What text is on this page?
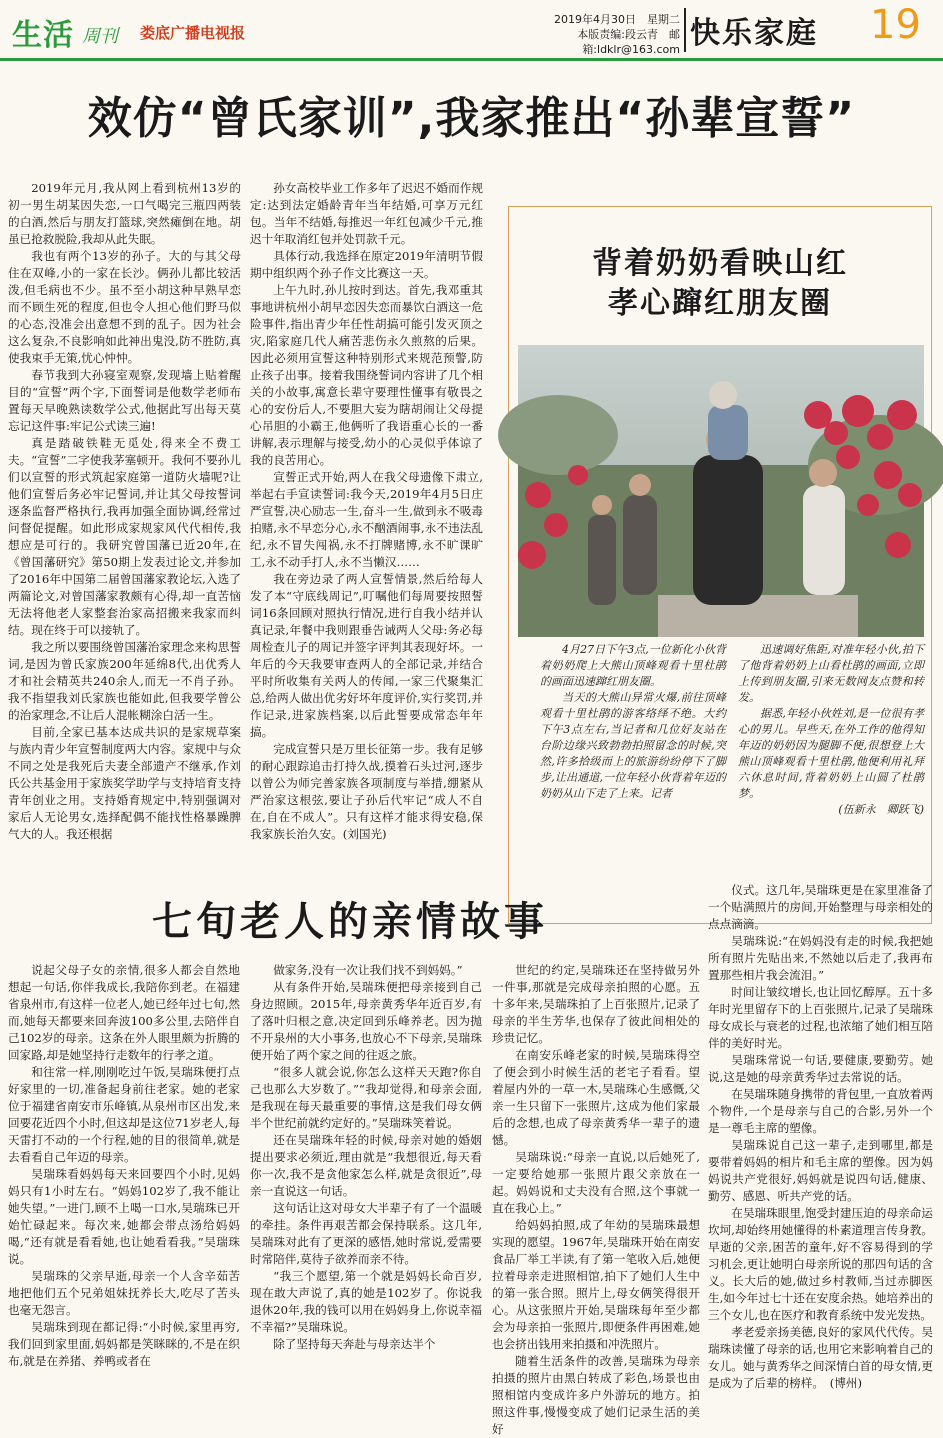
生活 周刊 娄底广播电视报
2019年4月30日　星期二
本版责编:段云青　邮箱:ldklr@163.com 快乐家庭 19
效仿“曾氏家训”,我家推出“孙辈宣誓”

2019年元月,我从网上看到杭州13岁的初一男生胡某因失恋,一口气喝完三瓶四两装的白酒,然后与朋友打篮球,突然瘫倒在地。胡虽已抢救脱险,我却从此失眠。

我也有两个13岁的孙子。大的与其父母住在双峰,小的一家在长沙。俩孙儿都比较活泼,但毛病也不少。虽不至小胡这种早熟早恋而不顾生死的程度,但也令人担心他们野马似的心态,没准会出意想不到的乱子。因为社会这么复杂,不良影响如此神出鬼没,防不胜防,真使我束手无策,忧心忡忡。

春节我到大孙寝室观察,发现墙上贴着醒目的“宣誓”两个字,下面誓词是他数学老师布置每天早晚熟读数学公式,他据此写出每天莫忘记这件事:牢记公式读三遍!

真是踏破铁鞋无觅处,得来全不费工夫。“宣誓”二字使我茅塞顿开。我何不要孙儿们以宣誓的形式筑起家庭第一道防火墙呢?让他们宣誓后务必牢记誓词,并让其父母按誓词逐条监督严格执行,我再加强全面协调,经常过问督促提醒。如此形成家规家风代代相传,我想应是可行的。我研究曾国藩已近20年,在《曾国藩研究》第50期上发表过论文,并参加了2016年中国第二届曾国藩家教论坛,入选了两篇论文,对曾国藩家教颇有心得,却一直苦恼无法将他老人家整套治家高招搬来我家而纠结。现在终于可以接轨了。

我之所以要围绕曾国藩治家理念来构思誓词,是因为曾氏家族200年延绵8代,出优秀人才和社会精英共240余人,而无一不肖子孙。我不指望我刘氏家族也能如此,但我要学曾公的治家理念,不让后人混帐糊涂白活一生。

目前,全家已基本达成共识的是家规草案与族内青少年宣誓制度两大内容。家规中与众不同之处是我死后夫妻全部遗产不继承,作刘氏公共基金用于家族奖学助学与支持培育支持青年创业之用。支持婚育规定中,特别强调对家后人无论男女,选择配偶不能找性格暴躁脾气大的人。我还根据

孙女高校毕业工作多年了迟迟不婚而作规定:达到法定婚龄青年当年结婚,可享万元红包。当年不结婚,每推迟一年红包减少千元,推迟十年取消红包并处罚款千元。

具体行动,我选择在原定2019年清明节假期中组织两个孙子作文比赛这一天。

上午九时,孙儿按时到达。首先,我邓重其事地讲杭州小胡早恋因失恋而暴饮白酒这一危险事件,指出青少年任性胡搞可能引发灭顶之灾,陷家庭几代人痛苦悲伤永久煎熬的后果。因此必须用宣誓这种特别形式来规范预警,防止孩子出事。接着我围绕誓词内容讲了几个相关的小故事,寓意长辈守要理性懂事有敬畏之心的安份后人,不要胆大妄为瞎胡闹让父母提心吊胆的小霸王,他俩听了我语重心长的一番讲解,表示理解与接受,幼小的心灵似乎体谅了我的良苦用心。

宣誓正式开始,两人在我父母遗像下肃立,举起右手宣读誓词:我今天,2019年4月5日庄严宣誓,决心励志一生,奋斗一生,做到永不吸毒拍赌,永不早恋分心,永不酗酒闹事,永不违法乱纪,永不冒失闯祸,永不打牌赌博,永不旷课旷工,永不动手打人,永不当懒汉……

我在旁边录了两人宣誓情景,然后给每人发了本“守底线周记”,叮嘱他们每周要按照誓词16条回顾对照执行情况,进行自我小结并认真记录,年餐中我则跟垂告诫两人父母:务必每周检查儿子的周记并签字评判其表现好坏。一年后的今天我要审查两人的全部记录,并结合平时所收集有关两人的传闻,一家三代聚集汇总,给两人做出优劣好坏年度评价,实行奖罚,并作记录,进家族档案,以后此誓要成常态年年搞。

完成宣誓只是万里长征第一步。我有足够的耐心跟踪追击打持久战,摸着石头过河,逐步以曾公为师完善家族各项制度与举措,绷紧从严治家这根弦,要让子孙后代牢记“成人不自在,自在不成人”。只有这样才能求得安稳,保我家族长治久安。(刘国光)

背着奶奶看映山红
孝心蹿红朋友圈

4月27日下午3点,一位新化小伙背着奶奶爬上大熊山顶峰观看十里杜鹃的画面迅速蹿红朋友圈。

当天的大熊山异常火爆,前往顶峰观看十里杜鹃的游客络绎不绝。大约下午3点左右,当记者和几位好友站在台阶边缘兴致勃勃拍照留念的时候,突然,许多拾级而上的旅游纷纷停下了脚步,让出通道,一位年轻小伙背着年迈的奶奶从山下走了上来。记者

迅速调好焦距,对准年轻小伙,拍下了他背着奶奶上山看杜鹃的画面,立即上传到朋友圈,引来无数网友点赞和转发。

据悉,年轻小伙姓刘,是一位很有孝心的男儿。早些天,在外工作的他得知年迈的奶奶因为腿脚不便,很想登上大熊山顶峰观看十里杜鹃,他便利用礼拜六休息时间,背着奶奶上山圆了杜鹃梦。

(伍新永　卿跃飞)

七旬老人的亲情故事

说起父母子女的亲情,很多人都会自然地想起一句话,你伴我成长,我陪你到老。在福建省泉州市,有这样一位老人,她已经年过七旬,然而,她每天都要来回奔波100多公里,去陪伴自己102岁的母亲。这条在外人眼里颇为折腾的回家路,却是她坚持行走数年的行孝之道。

和往常一样,刚刚吃过午饭,吴瑞珠便打点好家里的一切,准备起身前往老家。她的老家位于福建省南安市乐峰镇,从泉州市区出发,来回要花近四个小时,但这却是这位71岁老人,每天雷打不动的一个行程,她的目的很简单,就是去看看自己年迈的母亲。

吴瑞珠看妈妈每天来回要四个小时,见妈妈只有1小时左右。“妈妈102岁了,我不能让她失望。”一进门,顾不上喝一口水,吴瑞珠已开始忙碌起来。每次来,她都会带点汤给妈妈喝,“还有就是看看她,也让她看看我。”吴瑞珠说。

吴瑞珠的父亲早逝,母亲一个人含辛茹苦地把他们五个兄弟姐妹抚养长大,吃尽了苦头也毫无怨言。

吴瑞珠到现在都记得:“小时候,家里再穷,我们回到家里面,妈妈都是笑眯眯的,不是在织布,就是在养猪、养鸭或者在

做家务,没有一次让我们找不到妈妈。”

从有条件开始,吴瑞珠便把母亲接到自己身边照顾。2015年,母亲黄秀华年近百岁,有了落叶归根之意,决定回到乐峰养老。因为抛不开泉州的大小事务,也放心不下母亲,吴瑞珠便开始了两个家之间的往返之旅。

“很多人就会说,你怎么这样天天跑?你自己也那么大岁数了。”“我却觉得,和母亲会面,是我现在每天最重要的事情,这是我们母女俩半个世纪前就约定好的。”吴瑞珠笑着说。

还在吴瑞珠年轻的时候,母亲对她的婚姻提出要求必须近,理由就是“我想很近,每天看你一次,我不是贪他家怎么样,就是贪很近”,母亲一直说这一句话。

这句话让这对母女大半辈子有了一个温暖的牵挂。条件再艰苦都会保持联系。这几年,吴瑞珠对此有了更深的感悟,她时常说,爱需要时常陪伴,莫待子欲养而亲不待。

“我三个愿望,第一个就是妈妈长命百岁,现在敢大声说了,真的她是102岁了。你说我退休20年,我的钱可以用在妈妈身上,你说幸福不幸福?”吴瑞珠说。

除了坚持每天奔赴与母亲达半个

世纪的约定,吴瑞珠还在坚持做另外一件事,那就是完成母亲拍照的心愿。五十多年来,吴瑞珠拍了上百张照片,记录了母亲的半生芳华,也保存了彼此间相处的珍贵记忆。

在南安乐峰老家的时候,吴瑞珠得空了便会到小时候生活的老宅子看看。望着屋内外的一草一木,吴瑞珠心生感慨,父亲一生只留下一张照片,这成为他们家最后的念想,也成了母亲黄秀华一辈子的遗憾。

吴瑞珠说:“母亲一直说,以后她死了,一定要给她那一张照片跟父亲放在一起。妈妈说和丈夫没有合照,这个事就一直在我心上。”

给妈妈拍照,成了年幼的吴瑞珠最想实现的愿望。1967年,吴瑞珠开始在南安食品厂举工半读,有了第一笔收入后,她便拉着母亲走进照相馆,拍下了她们人生中的第一张合照。照片上,母女俩笑得很开心。从这张照片开始,吴瑞珠每年至少都会为母亲拍一张照片,即便条件再困难,她也会挤出钱用来拍摄和冲洗照片。

随着生活条件的改善,吴瑞珠为母亲拍摄的照片由黑白转成了彩色,场景也由照相馆内变成许多户外游玩的地方。拍照这件事,慢慢变成了她们记录生活的美好

仪式。这几年,吴瑞珠更是在家里准备了一个贴满照片的房间,开始整理与母亲相处的点点滴滴。

吴瑞珠说:“在妈妈没有走的时候,我把她所有照片先贴出来,不然她以后走了,我再布置那些相片我会流泪。”

时间让皱纹增长,也让回忆醇厚。五十多年时光里留存下的上百张照片,记录了吴瑞珠母女成长与衰老的过程,也浓缩了她们相互陪伴的美好时光。

吴瑞珠常说一句话,要健康,要勤劳。她说,这是她的母亲黄秀华过去常说的话。

在吴瑞珠随身携带的背包里,一直放着两个物件,一个是母亲与自己的合影,另外一个是一尊毛主席的塑像。

吴瑞珠说自己这一辈子,走到哪里,都是要带着妈妈的相片和毛主席的塑像。因为妈妈说共产党很好,妈妈就是说四句话,健康、勤劳、感恩、听共产党的话。

在吴瑞珠眼里,饱受封建压迫的母亲命运坎坷,却始终用她懂得的朴素道理言传身教。早逝的父亲,困苦的童年,好不容易得到的学习机会,更让她明白母亲所说的那四句话的含义。长大后的她,做过乡村教师,当过赤脚医生,如今年过七十还在安度余热。她培养出的三个女儿,也在医疗和教育系统中发光发热。

孝老爱亲扬美德,良好的家风代代传。吴瑞珠读懂了母亲的话,也用它来影响着自己的女儿。她与黄秀华之间深情白首的母女情,更是成为了后辈的榜样。　(博州)
